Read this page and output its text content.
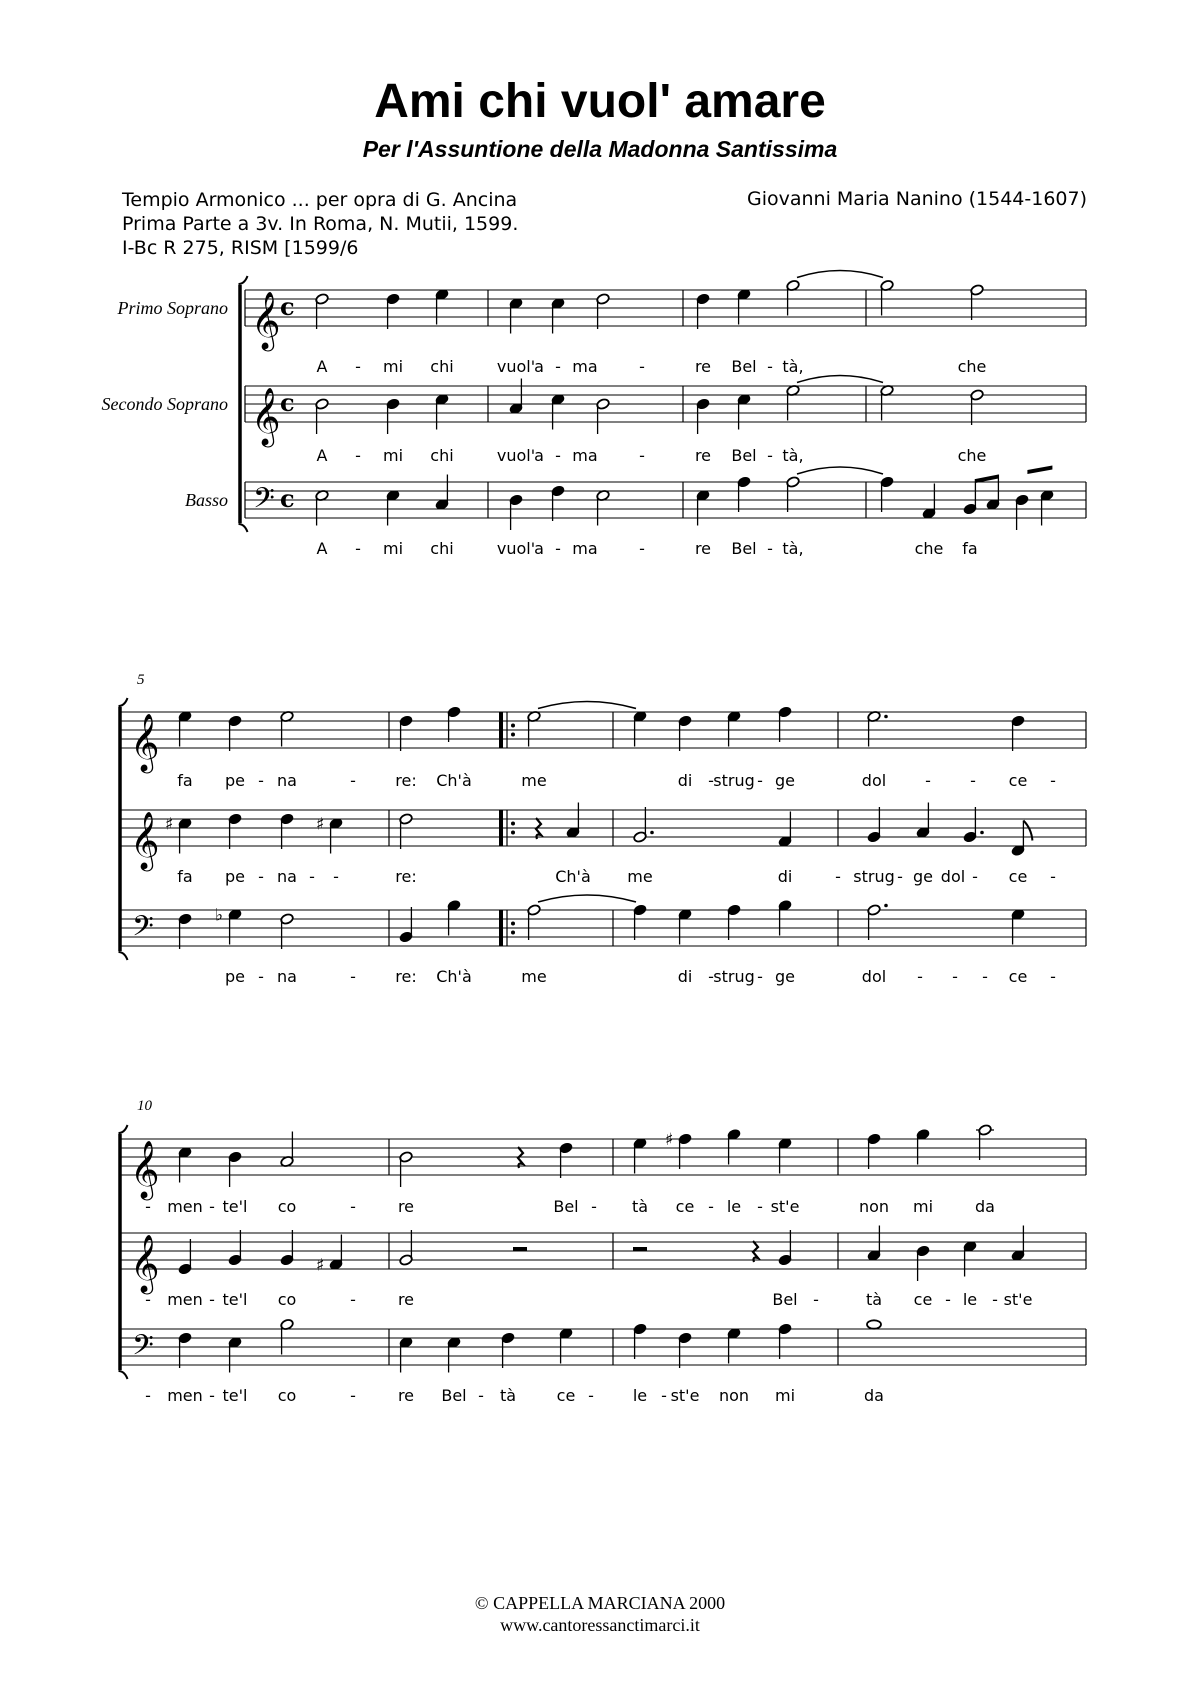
Ami chi vuol' amare
Per l'Assuntione della Madonna Santissima
Tempio Armonico ... per opra di G. Ancina
Prima Parte a 3v. In Roma, N. Mutii, 1599.
I-Bc R 275, RISM [1599/6
Giovanni Maria Nanino (1544-1607)
Primo Soprano
Secondo Soprano
Basso
𝄞 c
𝄞 c
𝄢 c
A - mi chi	vuol'
a - ma	-	re Bel - tà,	che
A - mi chi	vuol'
a - ma	-	re Bel - tà,	che
A - mi chi	vuol'
a - ma	-	re Bel - tà,	che fa
5
𝄞
𝄞
𝄢
♯	♯
♭
fa pe - na	- re: Ch'à	me	di - strug - ge	dol - - ce -
fa pe - na - -	re:	Ch'à me	di	- strug - ge dol - ce -
pe - na	- re: Ch'à	me	di - strug - ge	dol - - - ce -
10
𝄞
𝄞
𝄢
♯
♯
- men - te'l co	-	re	Bel - tà ce - le - st'e	non mi	da
- men - te'l co	-	re	Bel -	tà ce - le - st'e
- men - te'l co	-	re Bel - tà	ce - le - st'e non mi	da
© CAPPELLA MARCIANA 2000
www.cantoressanctimarci.it
